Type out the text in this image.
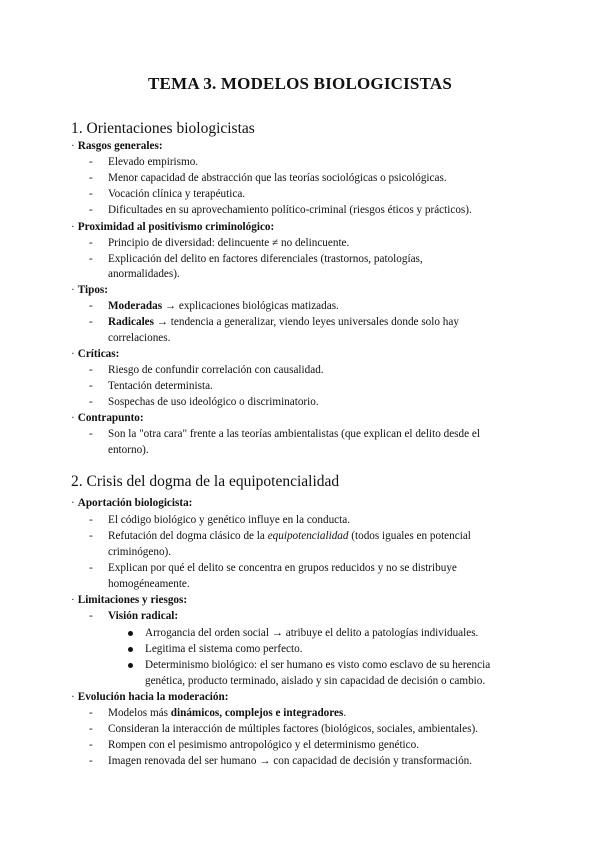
TEMA 3. MODELOS BIOLOGICISTAS
1. Orientaciones biologicistas
· Rasgos generales:
- Elevado empirismo.
- Menor capacidad de abstracción que las teorías sociológicas o psicológicas.
- Vocación clínica y terapéutica.
- Dificultades en su aprovechamiento político-criminal (riesgos éticos y prácticos).
· Proximidad al positivismo criminológico:
- Principio de diversidad: delincuente ≠ no delincuente.
- Explicación del delito en factores diferenciales (trastornos, patologías,
anormalidades).
· Tipos:
- Moderadas → explicaciones biológicas matizadas.
- Radicales → tendencia a generalizar, viendo leyes universales donde solo hay
correlaciones.
· Críticas:
- Riesgo de confundir correlación con causalidad.
- Tentación determinista.
- Sospechas de uso ideológico o discriminatorio.
· Contrapunto:
- Son la "otra cara" frente a las teorías ambientalistas (que explican el delito desde el
entorno).
2. Crisis del dogma de la equipotencialidad
· Aportación biologicista:
- El código biológico y genético influye en la conducta.
- Refutación del dogma clásico de la equipotencialidad (todos iguales en potencial
criminógeno).
- Explican por qué el delito se concentra en grupos reducidos y no se distribuye
homogéneamente.
· Limitaciones y riesgos:
- Visión radical:
Arrogancia del orden social → atribuye el delito a patologías individuales.
Legitima el sistema como perfecto.
Determinismo biológico: el ser humano es visto como esclavo de su herencia
genética, producto terminado, aislado y sin capacidad de decisión o cambio.
· Evolución hacia la moderación:
- Modelos más dinámicos, complejos e integradores.
- Consideran la interacción de múltiples factores (biológicos, sociales, ambientales).
- Rompen con el pesimismo antropológico y el determinismo genético.
- Imagen renovada del ser humano → con capacidad de decisión y transformación.
